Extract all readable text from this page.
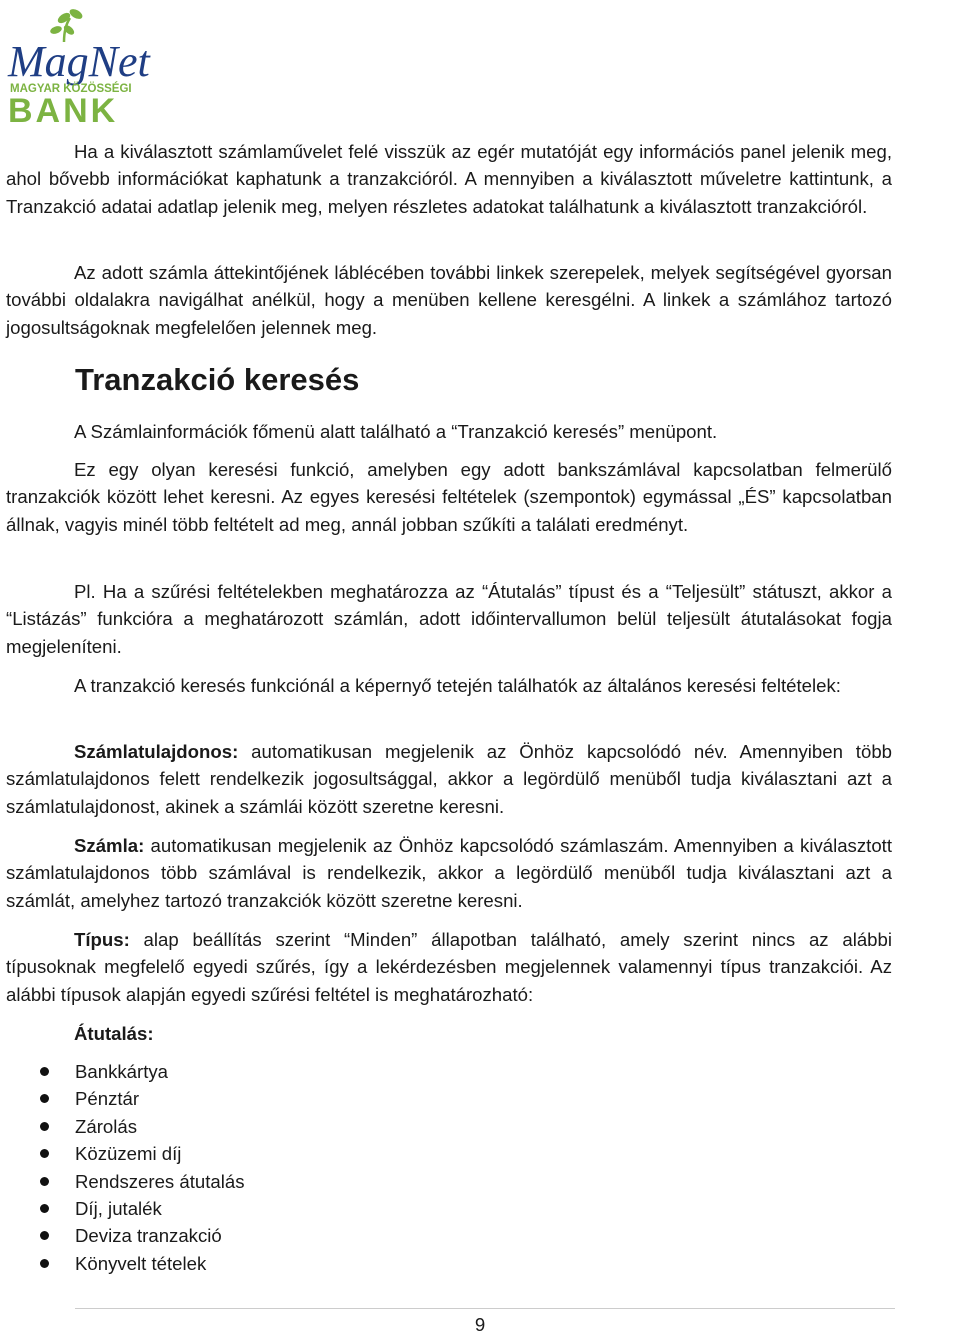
MagNet
MAGYAR KÖZÖSSÉGI
BANK

Ha a kiválasztott számlaművelet felé visszük az egér mutatóját egy információs panel jelenik meg, ahol bővebb információkat kaphatunk a tranzakcióról. A mennyiben a kiválasztott műveletre kattintunk, a Tranzakció adatai adatlap jelenik meg, melyen részletes adatokat találhatunk a kiválasztott tranzakcióról.

Az adott számla áttekintőjének láblécében további linkek szerepelek, melyek segítségével gyorsan további oldalakra navigálhat anélkül, hogy a menüben kellene keresgélni. A linkek a számlához tartozó jogosultságoknak megfelelően jelennek meg.

Tranzakció keresés

A Számlainformációk főmenü alatt található a “Tranzakció keresés” menüpont.

Ez egy olyan keresési funkció, amelyben egy adott bankszámlával kapcsolatban felmerülő tranzakciók között lehet keresni. Az egyes keresési feltételek (szempontok) egymással „ÉS” kapcsolatban állnak, vagyis minél több feltételt ad meg, annál jobban szűkíti a találati eredményt.

Pl. Ha a szűrési feltételekben meghatározza az “Átutalás” típust és a “Teljesült” státuszt, akkor a “Listázás” funkcióra a meghatározott számlán, adott időintervallumon belül teljesült átutalásokat fogja megjeleníteni.

A tranzakció keresés funkciónál a képernyő tetején találhatók az általános keresési feltételek:

Számlatulajdonos: automatikusan megjelenik az Önhöz kapcsolódó név. Amennyiben több számlatulajdonos felett rendelkezik jogosultsággal, akkor a legördülő menüből tudja kiválasztani azt a számlatulajdonost, akinek a számlái között szeretne keresni.

Számla: automatikusan megjelenik az Önhöz kapcsolódó számlaszám. Amennyiben a kiválasztott számlatulajdonos több számlával is rendelkezik, akkor a legördülő menüből tudja kiválasztani azt a számlát, amelyhez tartozó tranzakciók között szeretne keresni.

Típus: alap beállítás szerint “Minden” állapotban található, amely szerint nincs az alábbi típusoknak megfelelő egyedi szűrés, így a lekérdezésben megjelennek valamennyi típus tranzakciói. Az alábbi típusok alapján egyedi szűrési feltétel is meghatározható:

Átutalás:

Bankkártya
Pénztár
Zárolás
Közüzemi díj
Rendszeres átutalás
Díj, jutalék
Deviza tranzakció
Könyvelt tételek
9
